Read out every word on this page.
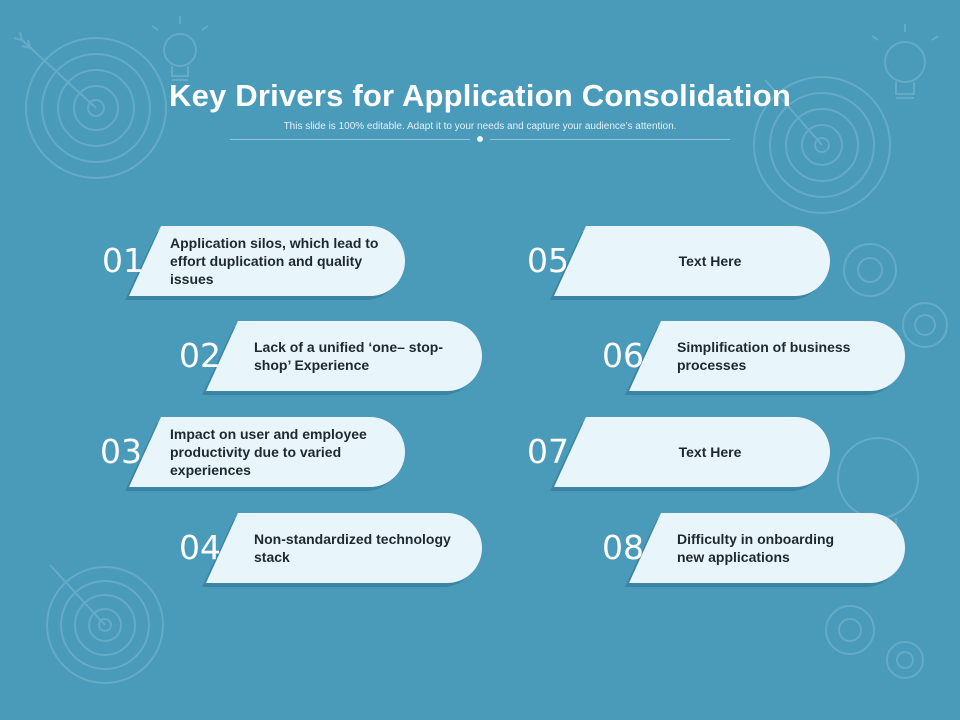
Key Drivers for Application Consolidation
This slide is 100% editable. Adapt it to your needs and capture your audience’s attention.
01	Application silos, which lead to effort duplication and quality issues
02	Lack of a unified ‘one– stop-shop’ Experience
03	Impact on user and employee productivity due to varied experiences
04	Non-standardized technology stack
05	Text Here
06	Simplification of business processes
07	Text Here
08	Difficulty in onboarding new applications
